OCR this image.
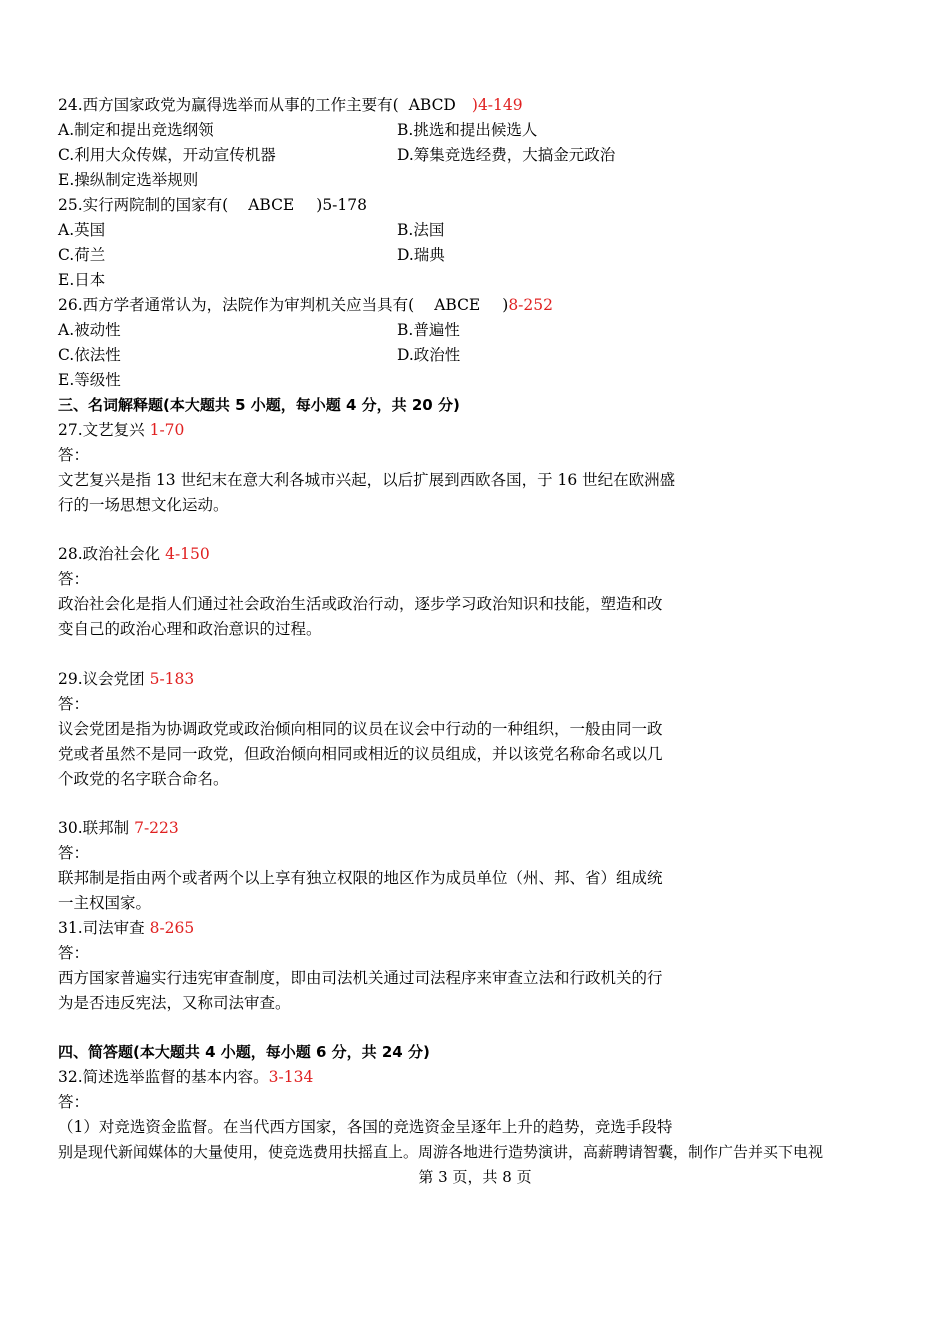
24.西方国家政党为赢得选举而从事的工作主要有( ABCD )4-149
A.制定和提出竞选纲领	B.挑选和提出候选人
C.利用大众传媒，开动宣传机器	D.筹集竞选经费，大搞金元政治
E.操纵制定选举规则
25.实行两院制的国家有( ABCE )5-178
A.英国	B.法国
C.荷兰	D.瑞典
E.日本
26.西方学者通常认为，法院作为审判机关应当具有( ABCE )8-252
A.被动性	B.普遍性
C.依法性	D.政治性
E.等级性
三、名词解释题(本大题共 5 小题，每小题 4 分，共 20 分)
27.文艺复兴 1-70
答：
文艺复兴是指 13 世纪末在意大利各城市兴起，以后扩展到西欧各国，于 16 世纪在欧洲盛
行的一场思想文化运动。
28.政治社会化 4-150
答：
政治社会化是指人们通过社会政治生活或政治行动，逐步学习政治知识和技能，塑造和改
变自己的政治心理和政治意识的过程。
29.议会党团 5-183
答：
议会党团是指为协调政党或政治倾向相同的议员在议会中行动的一种组织，一般由同一政
党或者虽然不是同一政党，但政治倾向相同或相近的议员组成，并以该党名称命名或以几
个政党的名字联合命名。
30.联邦制 7-223
答：
联邦制是指由两个或者两个以上享有独立权限的地区作为成员单位（州、邦、省）组成统
一主权国家。
31.司法审查 8-265
答：
西方国家普遍实行违宪审查制度，即由司法机关通过司法程序来审查立法和行政机关的行
为是否违反宪法，又称司法审查。
四、简答题(本大题共 4 小题，每小题 6 分，共 24 分)
32.简述选举监督的基本内容。3-134
答：
（1）对竞选资金监督。在当代西方国家，各国的竞选资金呈逐年上升的趋势，竞选手段特
别是现代新闻媒体的大量使用，使竞选费用扶摇直上。周游各地进行造势演讲，高薪聘请智囊，制作广告并买下电视
第 3 页，共 8 页
